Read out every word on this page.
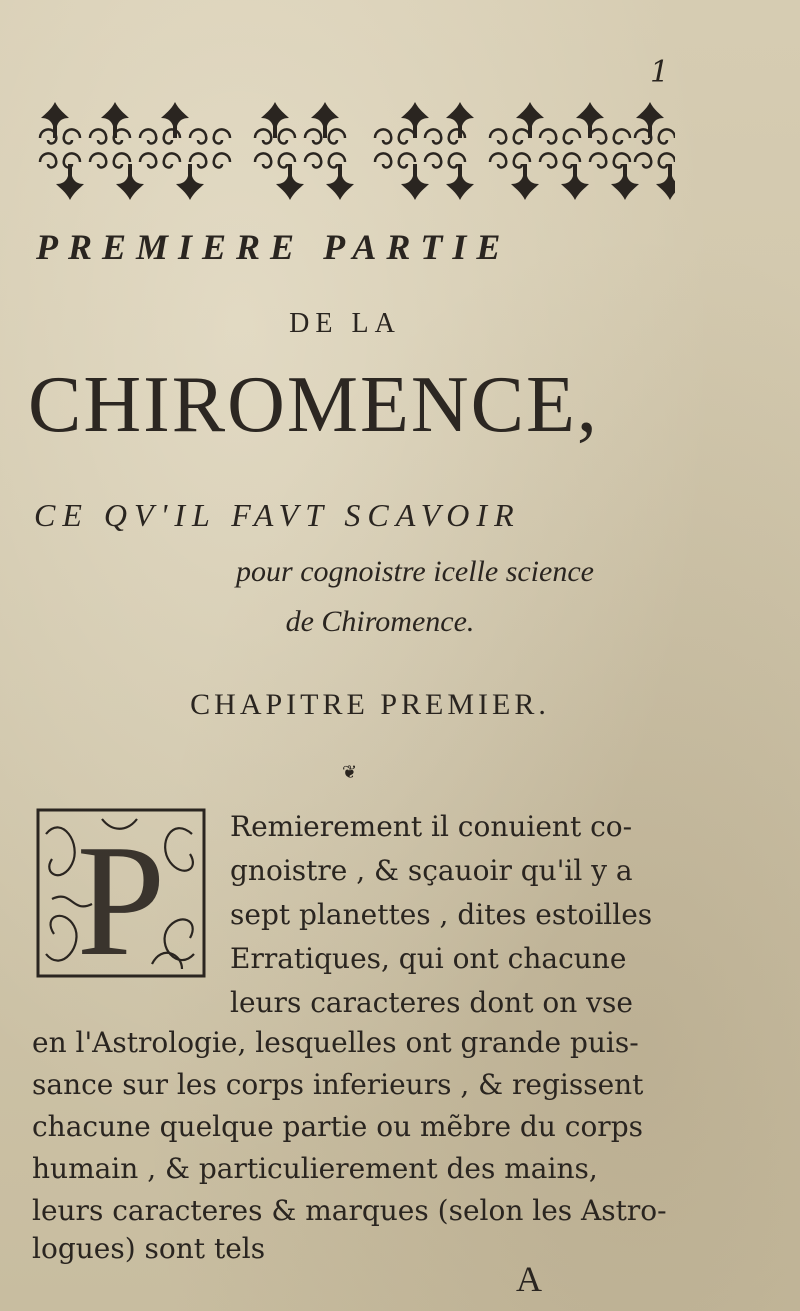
1
PREMIERE PARTIE
DE LA
CHIROMENCE,
CE QV'IL FAVT SCAVOIR
pour cognoistre icelle science
de Chiromence.
CHAPITRE PREMIER.
❦
P Remierement il conuient co-
gnoistre , & sçauoir qu'il y a
sept planettes , dites estoilles
Erratiques, qui ont chacune
leurs caracteres dont on vse
en l'Astrologie, lesquelles ont grande puis-
sance sur les corps inferieurs , & regissent
chacune quelque partie ou mẽbre du corps
humain , & particulierement des mains,
leurs caracteres & marques (selon les Astro-
logues) sont tels
A
